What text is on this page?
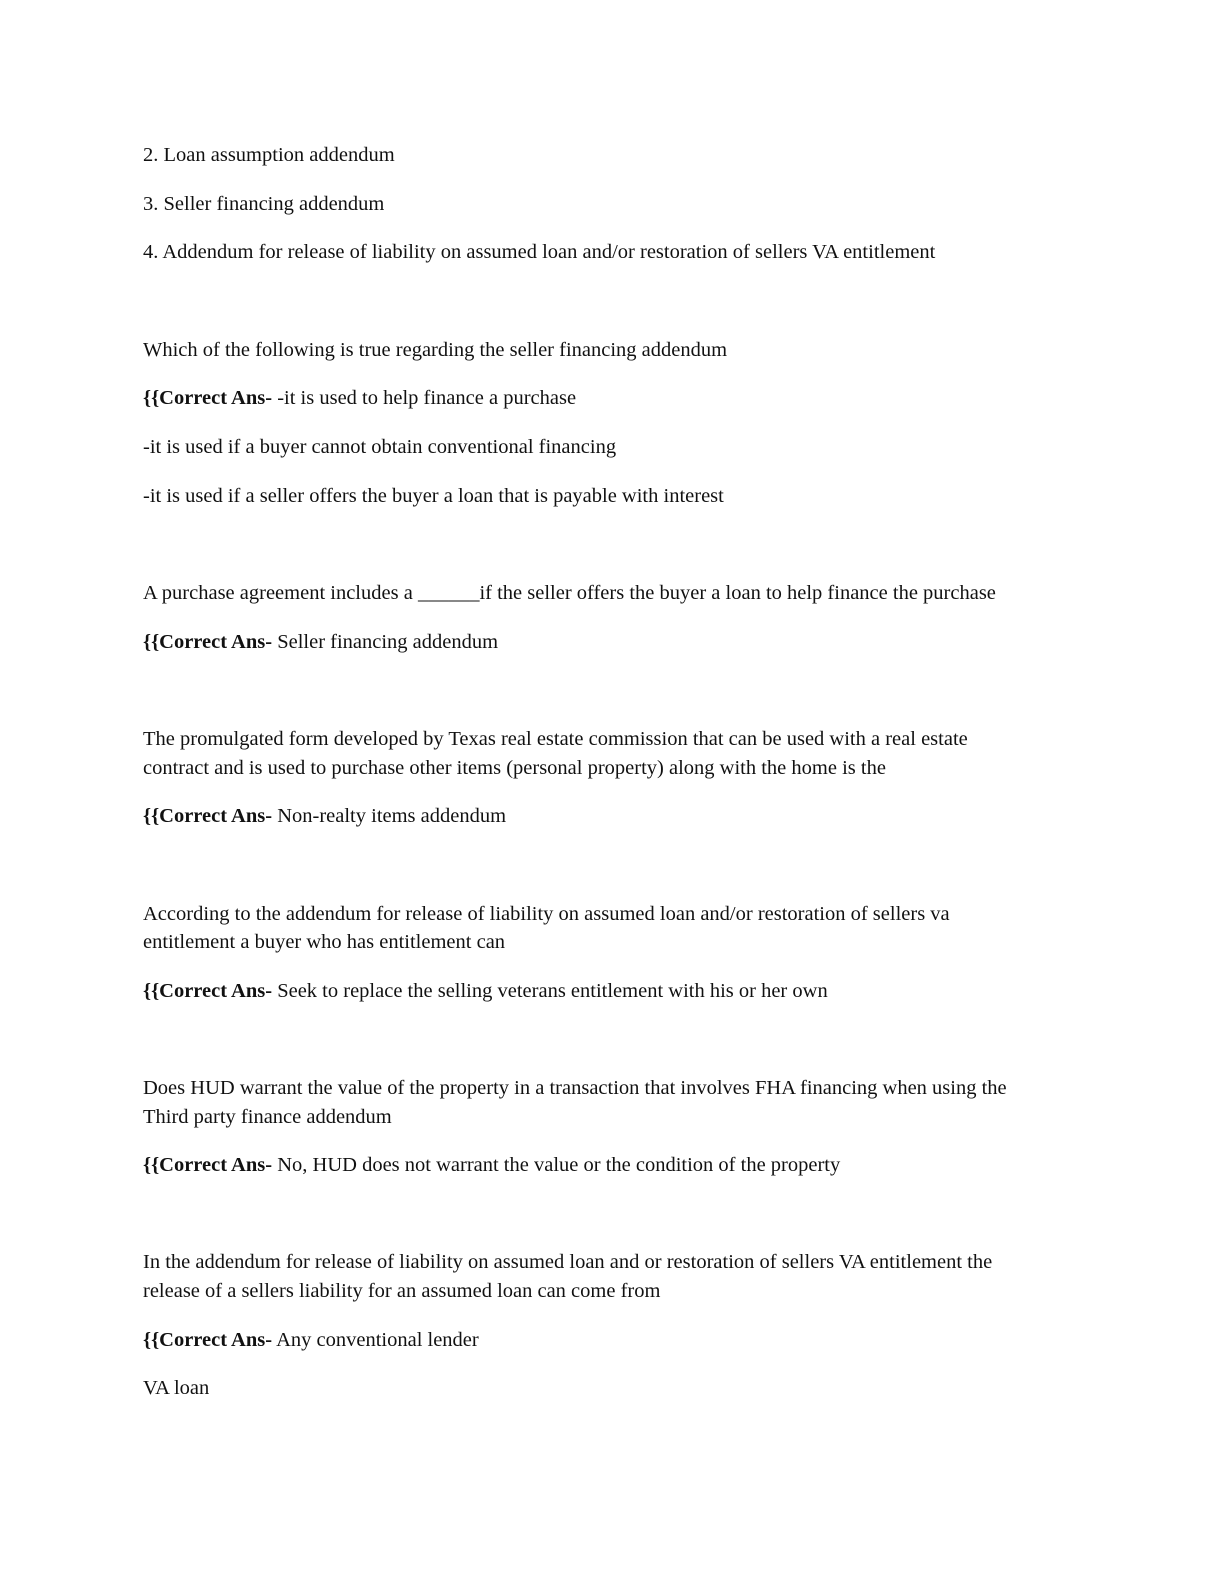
2. Loan assumption addendum
3. Seller financing addendum
4. Addendum for release of liability on assumed loan and/or restoration of sellers VA entitlement
Which of the following is true regarding the seller financing addendum
{{Correct Ans- -it is used to help finance a purchase
-it is used if a buyer cannot obtain conventional financing
-it is used if a seller offers the buyer a loan that is payable with interest
A purchase agreement includes a ______if the seller offers the buyer a loan to help finance the purchase
{{Correct Ans- Seller financing addendum
The promulgated form developed by Texas real estate commission that can be used with a real estate
contract and is used to purchase other items (personal property) along with the home is the
{{Correct Ans- Non-realty items addendum
According to the addendum for release of liability on assumed loan and/or restoration of sellers va
entitlement a buyer who has entitlement can
{{Correct Ans- Seek to replace the selling veterans entitlement with his or her own
Does HUD warrant the value of the property in a transaction that involves FHA financing when using the
Third party finance addendum
{{Correct Ans- No, HUD does not warrant the value or the condition of the property
In the addendum for release of liability on assumed loan and or restoration of sellers VA entitlement the
release of a sellers liability for an assumed loan can come from
{{Correct Ans- Any conventional lender
VA loan
